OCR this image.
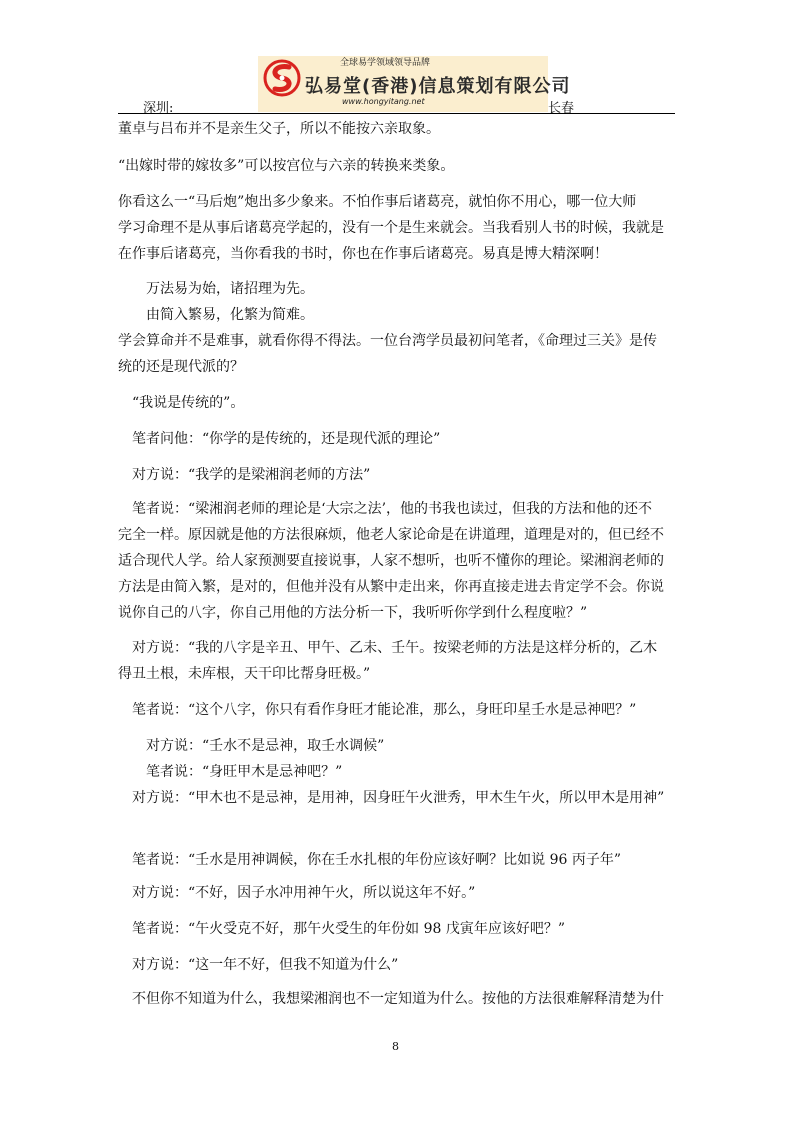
全球易学领域领导品牌
弘易堂(香港)信息策划有限公司
www.hongyitang.net
深圳:	长春
董卓与吕布并不是亲生父子，所以不能按六亲取象。
“出嫁时带的嫁妆多”可以按宫位与六亲的转换来类象。
你看这么一“马后炮”炮出多少象来。不怕作事后诸葛亮，就怕你不用心，哪一位大师
学习命理不是从事后诸葛亮学起的，没有一个是生来就会。当我看别人书的时候，我就是
在作事后诸葛亮，当你看我的书时，你也在作事后诸葛亮。易真是博大精深啊！
万法易为始，诸招理为先。
由简入繁易，化繁为简难。
学会算命并不是难事，就看你得不得法。一位台湾学员最初问笔者，《命理过三关》是传
统的还是现代派的？
“我说是传统的”。
笔者问他：“你学的是传统的，还是现代派的理论”
对方说：“我学的是梁湘润老师的方法”
笔者说：“梁湘润老师的理论是‘大宗之法’，他的书我也读过，但我的方法和他的还不
完全一样。原因就是他的方法很麻烦，他老人家论命是在讲道理，道理是对的，但已经不
适合现代人学。给人家预测要直接说事，人家不想听，也听不懂你的理论。梁湘润老师的
方法是由简入繁，是对的，但他并没有从繁中走出来，你再直接走进去肯定学不会。你说
说你自己的八字，你自己用他的方法分析一下，我听听你学到什么程度啦？”
对方说：“我的八字是辛丑、甲午、乙未、壬午。按梁老师的方法是这样分析的，乙木
得丑土根，未库根，天干印比帮身旺极。”
笔者说：“这个八字，你只有看作身旺才能论准，那么，身旺印星壬水是忌神吧？”
对方说：“壬水不是忌神，取壬水调候”
笔者说：“身旺甲木是忌神吧？”
对方说：“甲木也不是忌神，是用神，因身旺午火泄秀，甲木生午火，所以甲木是用神”
笔者说：“壬水是用神调候，你在壬水扎根的年份应该好啊？比如说 96 丙子年”
对方说：“不好，因子水冲用神午火，所以说这年不好。”
笔者说：“午火受克不好，那午火受生的年份如 98 戊寅年应该好吧？”
对方说：“这一年不好，但我不知道为什么”
不但你不知道为什么，我想梁湘润也不一定知道为什么。按他的方法很难解释清楚为什
8
